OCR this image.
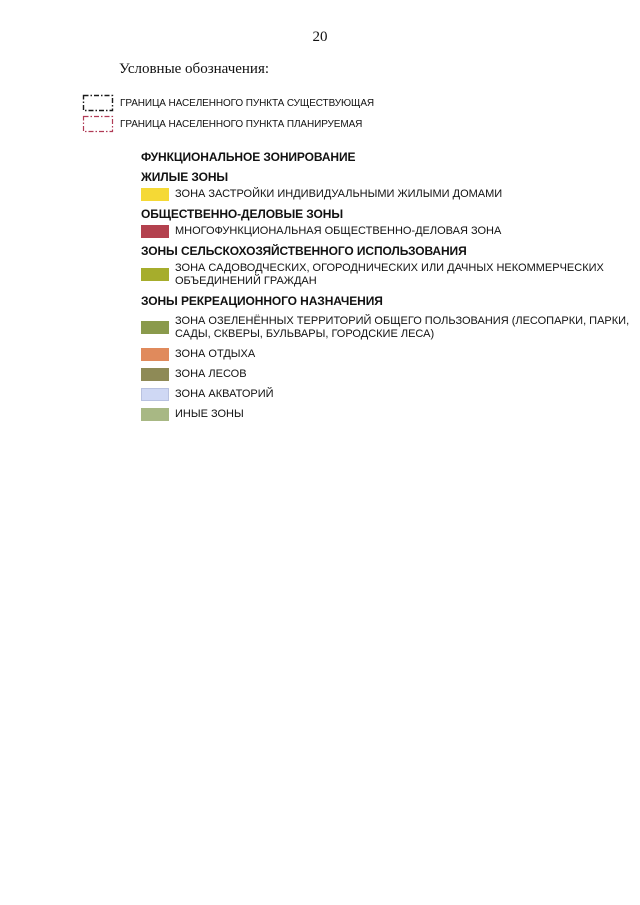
20
Условные обозначения:
ГРАНИЦА НАСЕЛЕННОГО ПУНКТА СУЩЕСТВУЮЩАЯ
ГРАНИЦА НАСЕЛЕННОГО ПУНКТА ПЛАНИРУЕМАЯ
ФУНКЦИОНАЛЬНОЕ ЗОНИРОВАНИЕ
ЖИЛЫЕ ЗОНЫ
ЗОНА ЗАСТРОЙКИ ИНДИВИДУАЛЬНЫМИ ЖИЛЫМИ ДОМАМИ
ОБЩЕСТВЕННО-ДЕЛОВЫЕ ЗОНЫ
МНОГОФУНКЦИОНАЛЬНАЯ ОБЩЕСТВЕННО-ДЕЛОВАЯ ЗОНА
ЗОНЫ СЕЛЬСКОХОЗЯЙСТВЕННОГО ИСПОЛЬЗОВАНИЯ
ЗОНА САДОВОДЧЕСКИХ, ОГОРОДНИЧЕСКИХ ИЛИ ДАЧНЫХ НЕКОММЕРЧЕСКИХ ОБЪЕДИНЕНИЙ ГРАЖДАН
ЗОНЫ РЕКРЕАЦИОННОГО НАЗНАЧЕНИЯ
ЗОНА ОЗЕЛЕНЁННЫХ ТЕРРИТОРИЙ ОБЩЕГО ПОЛЬЗОВАНИЯ (ЛЕСОПАРКИ, ПАРКИ, САДЫ, СКВЕРЫ, БУЛЬВАРЫ, ГОРОДСКИЕ ЛЕСА)
ЗОНА ОТДЫХА
ЗОНА ЛЕСОВ
ЗОНА АКВАТОРИЙ
ИНЫЕ ЗОНЫ
